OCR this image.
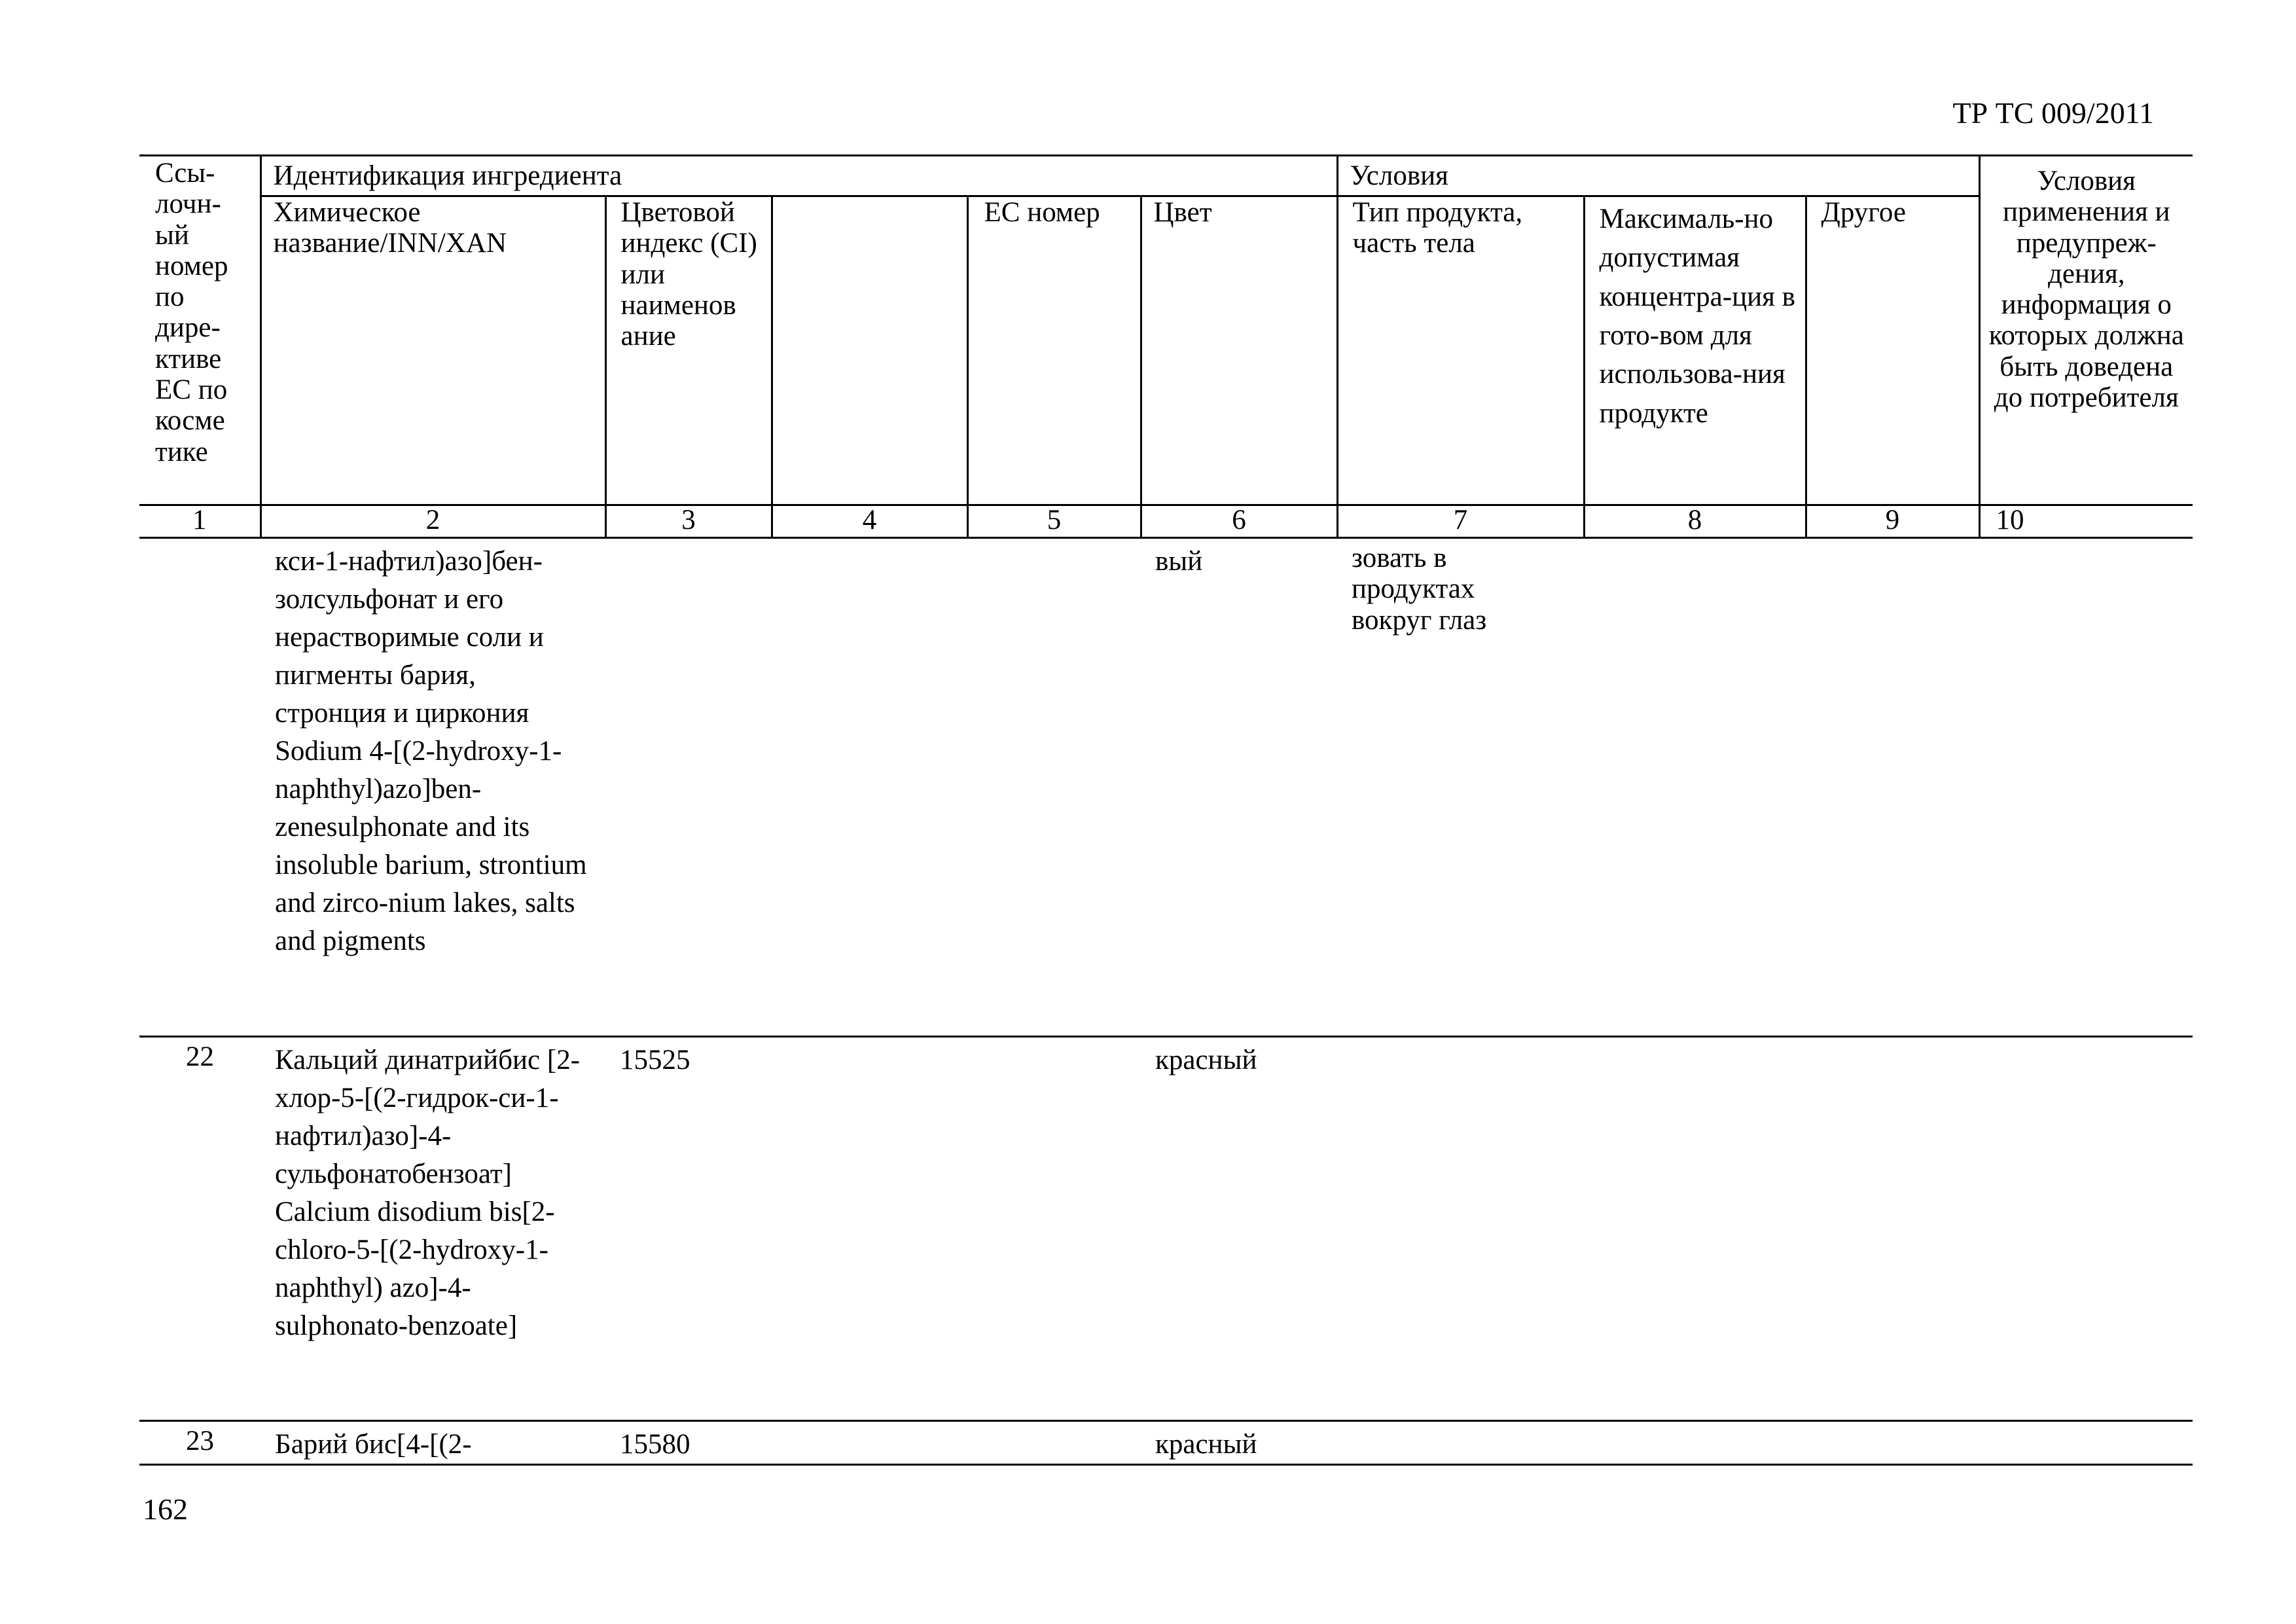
ТР ТС 009/2011
Ссы-лочн-ый номер по дире-ктиве ЕС по косме тике	Идентификация ингредиента					Условия			Условия применения и предупреж-дения, информация о которых должна быть доведена до потребителя
	Химическое название/INN/XAN	Цветовой индекс (CI) или наименов ание		ЕС номер	Цвет	Тип продукта, часть тела	Максималь-но допустимая концентра-ция в гото-вом для использова-ния продукте	Другое	
1	2	3	4	5	6	7	8	9	10
	кси-1-нафтил)азо]бен-золсульфонат и его нерастворимые соли и пигменты бария, стронция и циркония Sodium 4-[(2-hydroxy-1-naphthyl)azo]ben-zenesulphonate and its insoluble barium, strontium and zirco-nium lakes, salts and pigments				вый	зовать в продуктах вокруг глаз			
22	Кальций динатрийбис [2-хлор-5-[(2-гидрок-си-1-нафтил)азо]-4-сульфонатобензоат] Calcium disodium bis[2-chloro-5-[(2-hydroxy-1-naphthyl) azo]-4-sulphonato-benzoate]	15525			красный				
23	Барий бис[4-[(2-	15580			красный				
162
